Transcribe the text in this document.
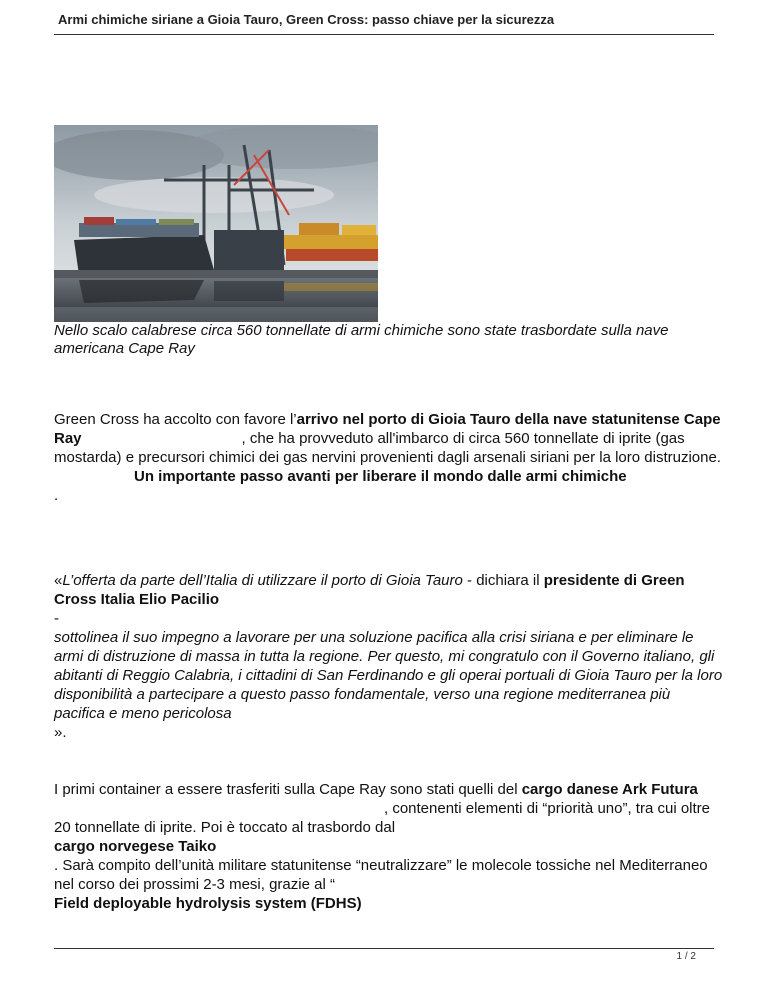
Armi chimiche siriane a Gioia Tauro, Green Cross: passo chiave per la sicurezza
Nello scalo calabrese circa 560 tonnellate di armi chimiche sono state trasbordate sulla nave americana Cape Ray
Green Cross ha accolto con favore l’arrivo nel porto di Gioia Tauro della nave statunitense Cape Ray	, che ha provveduto all'imbarco di circa 560 tonnellate di iprite (gas mostarda) e precursori chimici dei gas nervini provenienti dagli arsenali siriani per la loro distruzione.Un importante passo avanti per liberare il mondo dalle armi chimiche
.
«L’offerta da parte dell’Italia di utilizzare il porto di Gioia Tauro - dichiara il presidente di Green Cross Italia Elio Pacilio
-
sottolinea il suo impegno a lavorare per una soluzione pacifica alla crisi siriana e per eliminare le armi di distruzione di massa in tutta la regione. Per questo, mi congratulo con il Governo italiano, gli abitanti di Reggio Calabria, i cittadini di San Ferdinando e gli operai portuali di Gioia Tauro per la loro disponibilità a partecipare a questo passo fondamentale, verso una regione mediterranea più pacifica e meno pericolosa
».
I primi container a essere trasferiti sulla Cape Ray sono stati quelli del cargo danese Ark Futura, contenenti elementi di “priorità uno”, tra cui oltre 20 tonnellate di iprite. Poi è toccato al trasbordo dal
cargo norvegese Taiko
. Sarà compito dell’unità militare statunitense “neutralizzare” le molecole tossiche nel Mediterraneo nel corso dei prossimi 2-3 mesi, grazie al “
Field deployable hydrolysis system (FDHS)
1 / 2
